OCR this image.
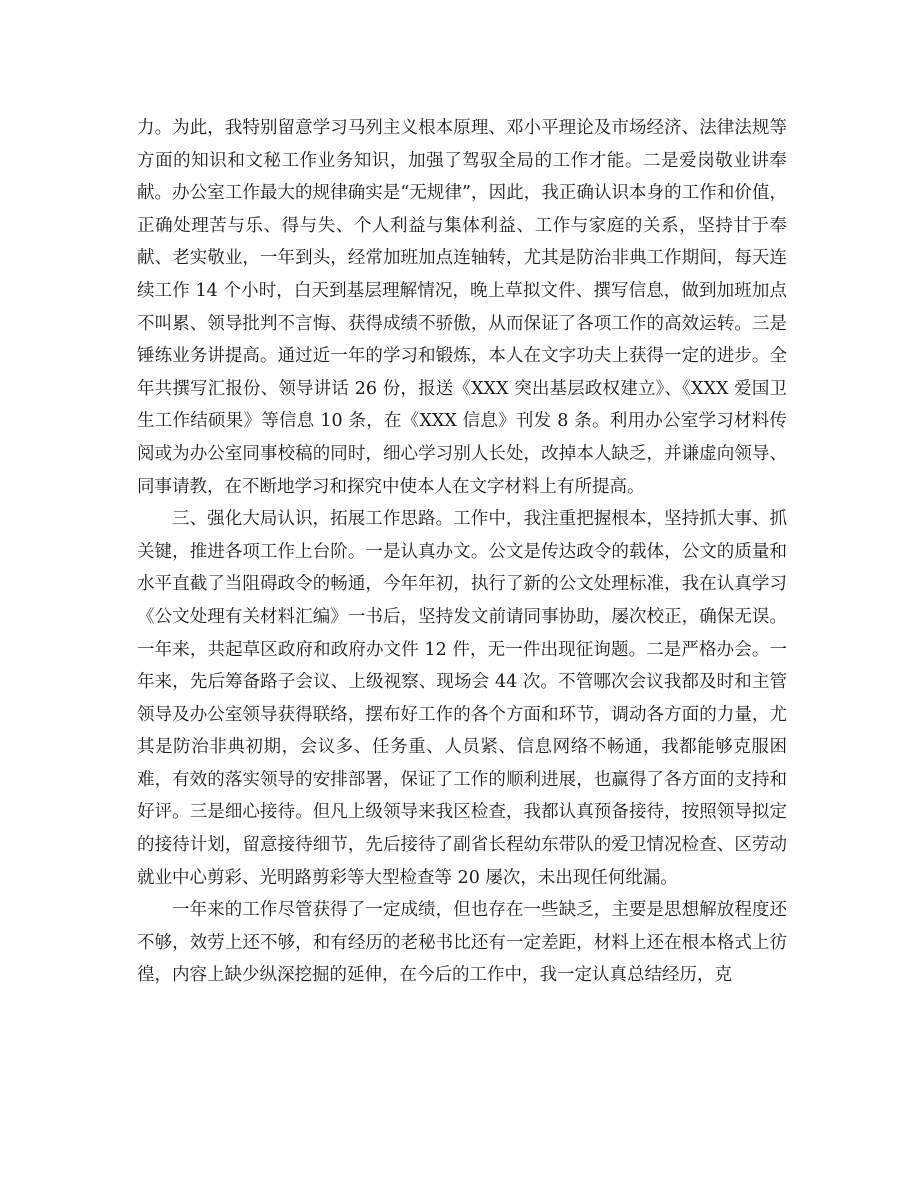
力。为此，我特别留意学习马列主义根本原理、邓小平理论及市场经济、法律法规等方面的知识和文秘工作业务知识，加强了驾驭全局的工作才能。二是爱岗敬业讲奉献。办公室工作最大的规律确实是“无规律”，因此，我正确认识本身的工作和价值，正确处理苦与乐、得与失、个人利益与集体利益、工作与家庭的关系，坚持甘于奉献、老实敬业，一年到头，经常加班加点连轴转，尤其是防治非典工作期间，每天连续工作 14 个小时，白天到基层理解情况，晚上草拟文件、撰写信息，做到加班加点不叫累、领导批判不言悔、获得成绩不骄傲，从而保证了各项工作的高效运转。三是锤练业务讲提高。通过近一年的学习和锻炼，本人在文字功夫上获得一定的进步。全年共撰写汇报份、领导讲话 26 份，报送《XXX 突出基层政权建立》、《XXX 爱国卫生工作结硕果》等信息 10 条，在《XXX 信息》刊发 8 条。利用办公室学习材料传阅或为办公室同事校稿的同时，细心学习别人长处，改掉本人缺乏，并谦虚向领导、同事请教，在不断地学习和探究中使本人在文字材料上有所提高。

三、强化大局认识，拓展工作思路。工作中，我注重把握根本，坚持抓大事、抓关键，推进各项工作上台阶。一是认真办文。公文是传达政令的载体，公文的质量和水平直截了当阻碍政令的畅通，今年年初，执行了新的公文处理标准，我在认真学习《公文处理有关材料汇编》一书后，坚持发文前请同事协助，屡次校正，确保无误。一年来，共起草区政府和政府办文件 12 件，无一件出现征询题。二是严格办会。一年来，先后筹备路子会议、上级视察、现场会 44 次。不管哪次会议我都及时和主管领导及办公室领导获得联络，摆布好工作的各个方面和环节，调动各方面的力量，尤其是防治非典初期，会议多、任务重、人员紧、信息网络不畅通，我都能够克服困难，有效的落实领导的安排部署，保证了工作的顺利进展，也赢得了各方面的支持和好评。三是细心接待。但凡上级领导来我区检查，我都认真预备接待，按照领导拟定的接待计划，留意接待细节，先后接待了副省长程幼东带队的爱卫情况检查、区劳动就业中心剪彩、光明路剪彩等大型检查等 20 屡次，未出现任何纰漏。

一年来的工作尽管获得了一定成绩，但也存在一些缺乏，主要是思想解放程度还不够，效劳上还不够，和有经历的老秘书比还有一定差距，材料上还在根本格式上彷徨，内容上缺少纵深挖掘的延伸，在今后的工作中，我一定认真总结经历，克
